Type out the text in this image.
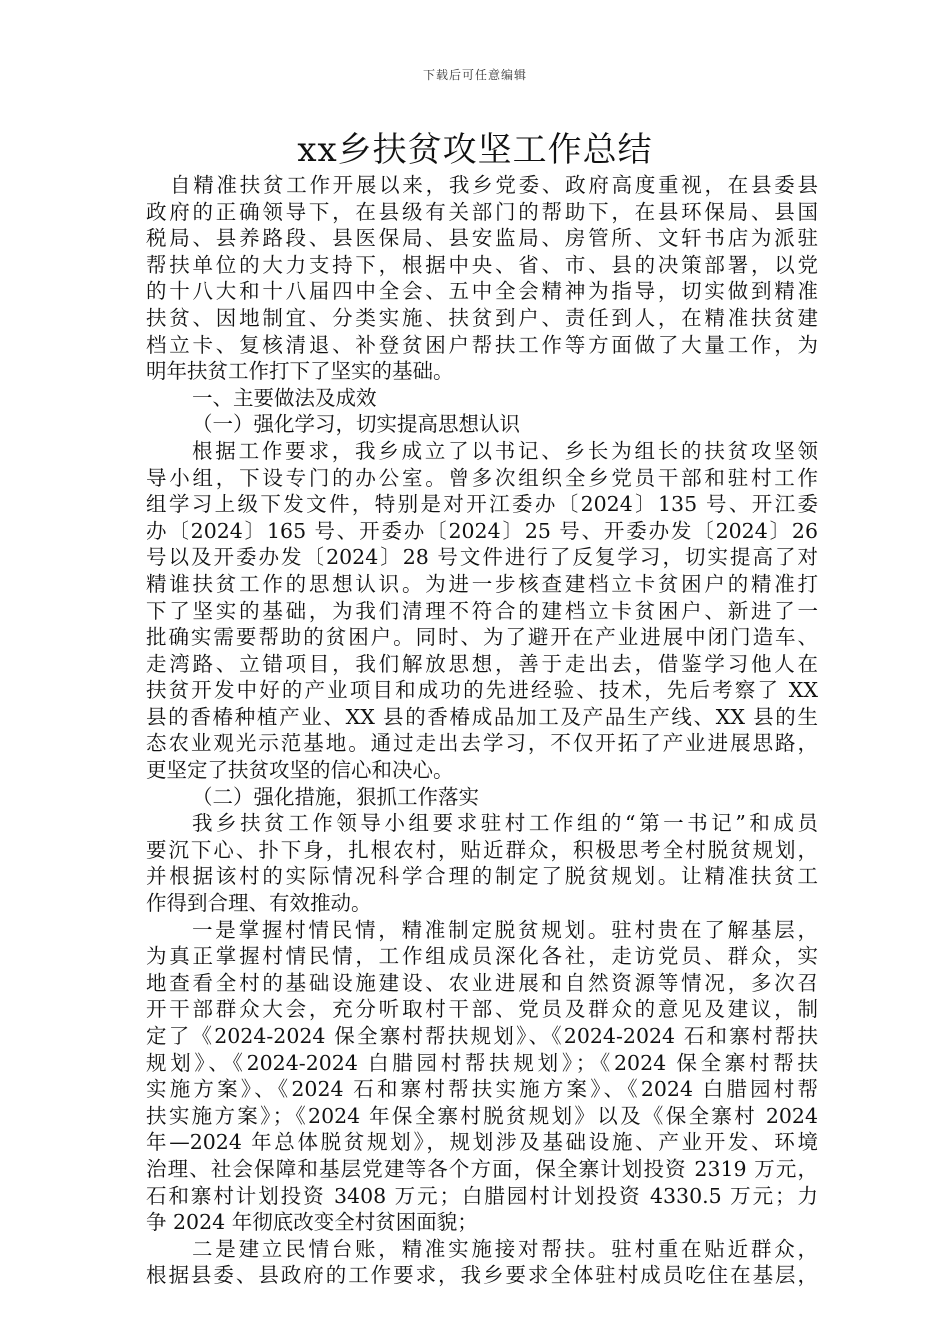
下载后可任意编辑
xx乡扶贫攻坚工作总结
自精准扶贫工作开展以来，我乡党委、政府高度重视，在县委县
政府的正确领导下，在县级有关部门的帮助下，在县环保局、县国
税局、县养路段、县医保局、县安监局、房管所、文轩书店为派驻
帮扶单位的大力支持下，根据中央、省、市、县的决策部署，以党
的十八大和十八届四中全会、五中全会精神为指导，切实做到精准
扶贫、因地制宜、分类实施、扶贫到户、责任到人，在精准扶贫建
档立卡、复核清退、补登贫困户帮扶工作等方面做了大量工作，为
明年扶贫工作打下了坚实的基础。
一、主要做法及成效
（一）强化学习，切实提高思想认识
根据工作要求，我乡成立了以书记、乡长为组长的扶贫攻坚领
导小组，下设专门的办公室。曾多次组织全乡党员干部和驻村工作
组学习上级下发文件，特别是对开江委办〔2024〕135 号、开江委
办〔2024〕165 号、开委办〔2024〕25 号、开委办发〔2024〕26
号以及开委办发〔2024〕28 号文件进行了反复学习，切实提高了对
精谁扶贫工作的思想认识。为进一步核查建档立卡贫困户的精准打
下了坚实的基础，为我们清理不符合的建档立卡贫困户、新进了一
批确实需要帮助的贫困户。同时、为了避开在产业进展中闭门造车、
走湾路、立错项目，我们解放思想，善于走出去，借鉴学习他人在
扶贫开发中好的产业项目和成功的先进经验、技术，先后考察了 XX
县的香椿种植产业、XX 县的香椿成品加工及产品生产线、XX 县的生
态农业观光示范基地。通过走出去学习，不仅开拓了产业进展思路，
更坚定了扶贫攻坚的信心和决心。
（二）强化措施，狠抓工作落实
我乡扶贫工作领导小组要求驻村工作组的“第一书记”和成员
要沉下心、扑下身，扎根农村，贴近群众，积极思考全村脱贫规划，
并根据该村的实际情况科学合理的制定了脱贫规划。让精准扶贫工
作得到合理、有效推动。
一是掌握村情民情，精准制定脱贫规划。驻村贵在了解基层，
为真正掌握村情民情，工作组成员深化各社，走访党员、群众，实
地查看全村的基础设施建设、农业进展和自然资源等情况，多次召
开干部群众大会，充分听取村干部、党员及群众的意见及建议，制
定了《2024-2024 保全寨村帮扶规划》、《2024-2024 石和寨村帮扶
规划》、《2024-2024 白腊园村帮扶规划》；《2024 保全寨村帮扶
实施方案》、《2024 石和寨村帮扶实施方案》、《2024 白腊园村帮
扶实施方案》；《2024 年保全寨村脱贫规划》以及《保全寨村 2024
年—2024 年总体脱贫规划》，规划涉及基础设施、产业开发、环境
治理、社会保障和基层党建等各个方面，保全寨计划投资 2319 万元，
石和寨村计划投资 3408 万元；白腊园村计划投资 4330.5 万元；力
争 2024 年彻底改变全村贫困面貌；
二是建立民情台账，精准实施接对帮扶。驻村重在贴近群众，
根据县委、县政府的工作要求，我乡要求全体驻村成员吃住在基层，
